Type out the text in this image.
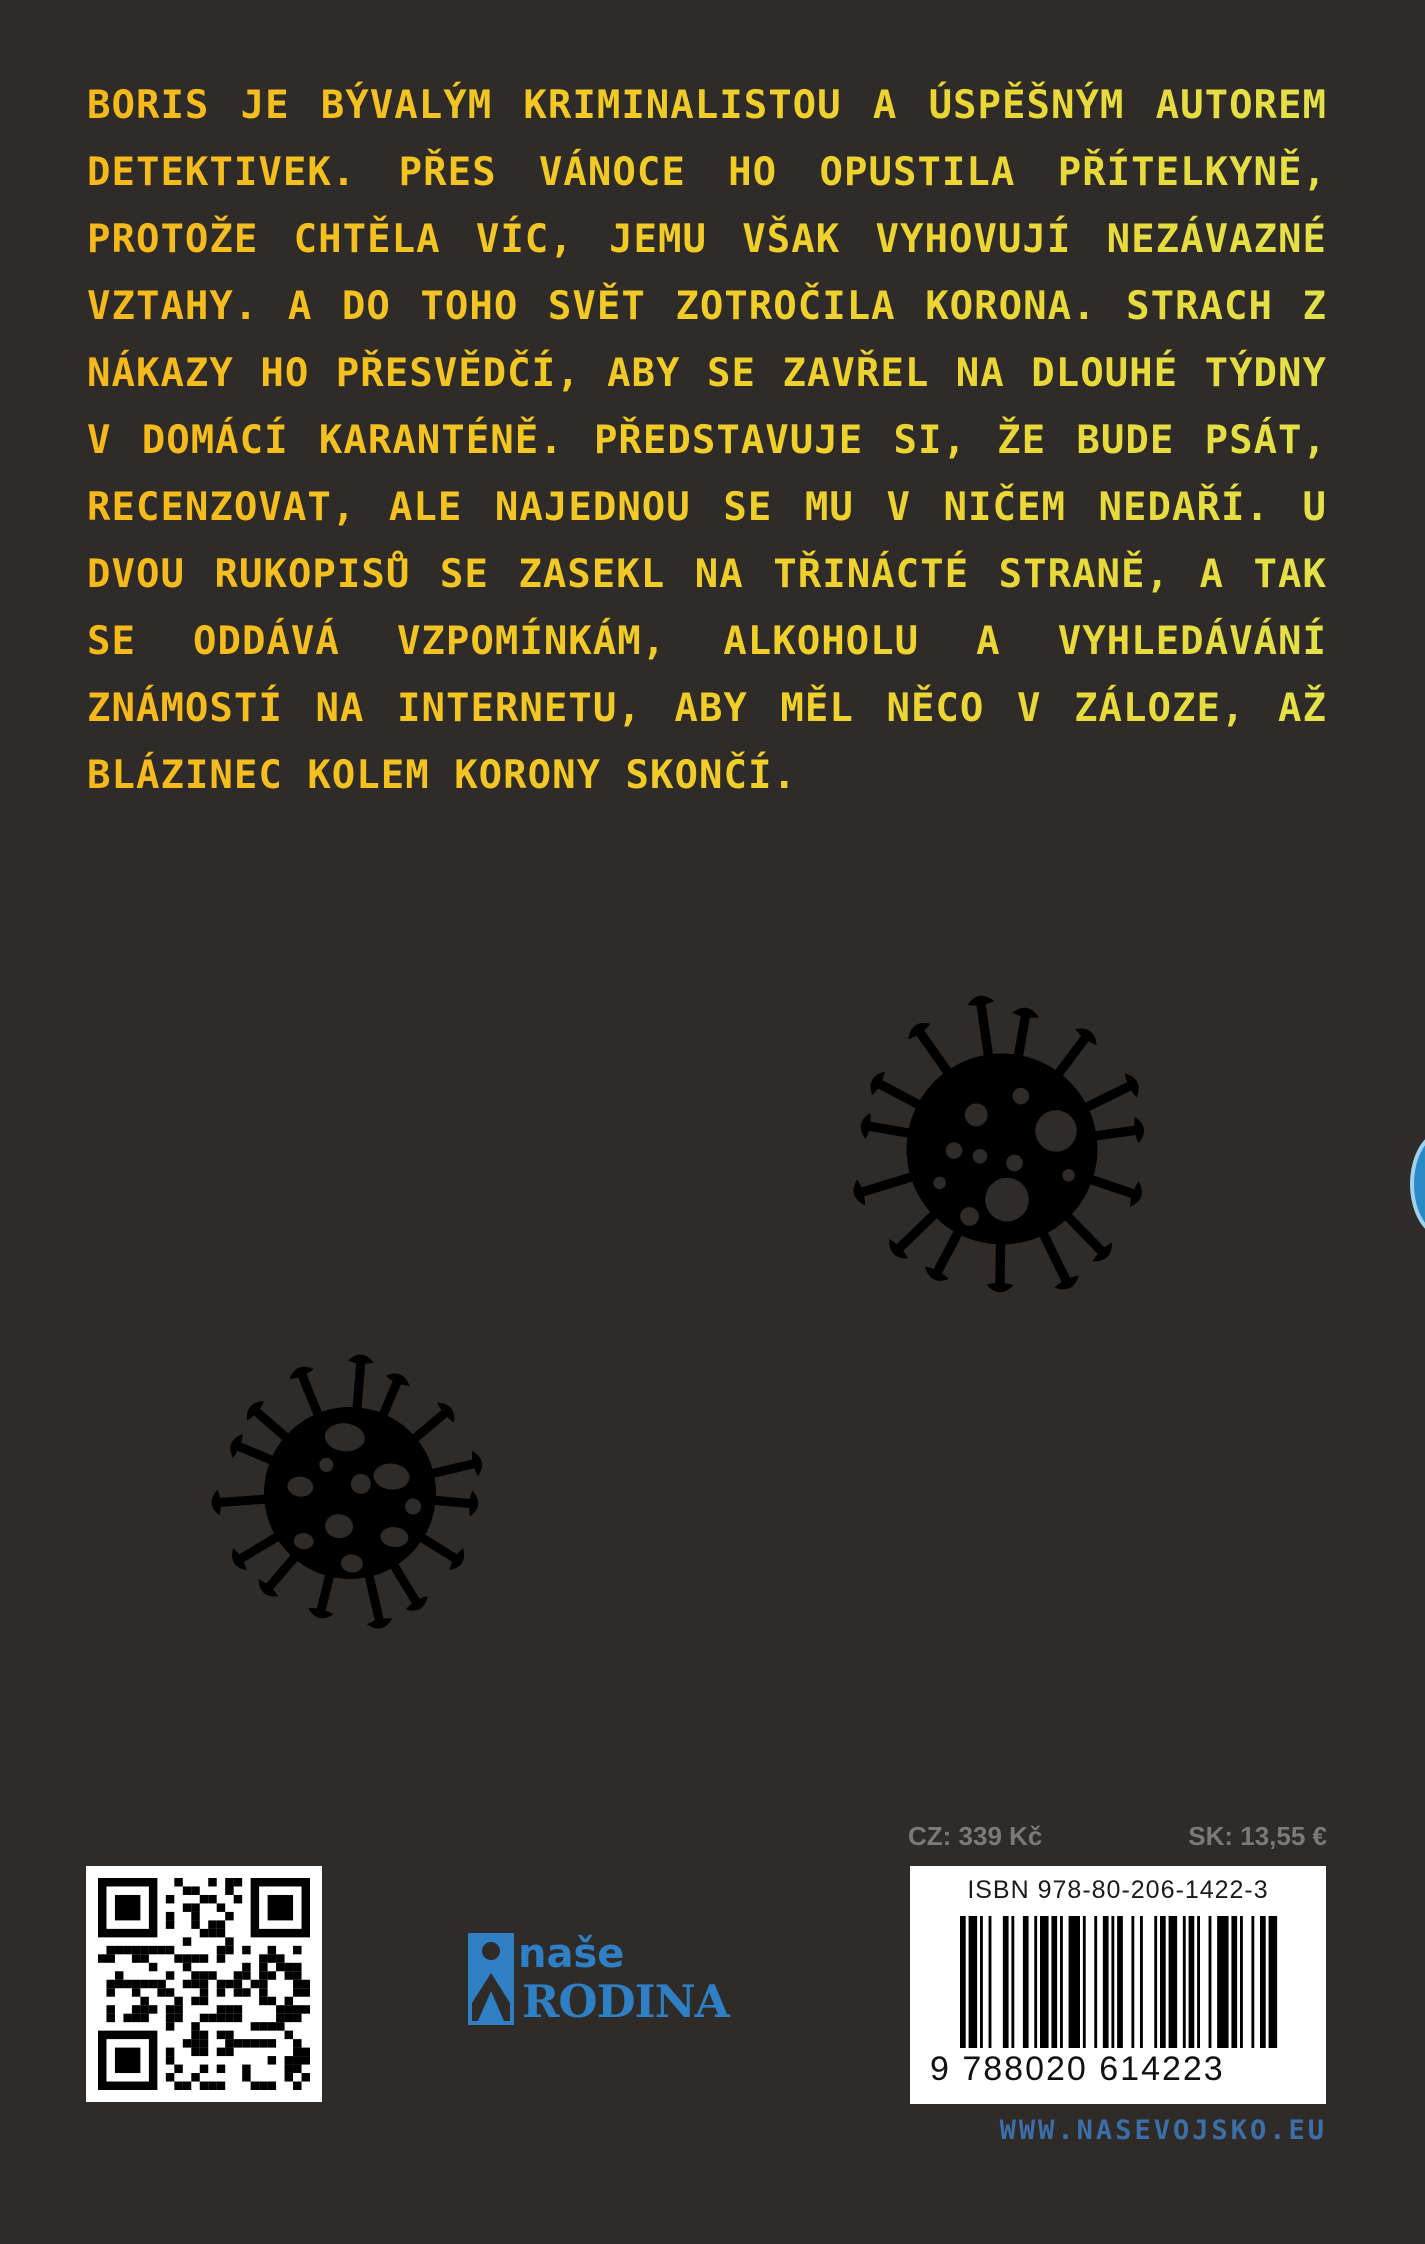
BORIS JE BÝVALÝM KRIMINALISTOU A ÚSPĚŠNÝM AUTOREM DETEKTIVEK. PŘES VÁNOCE HO OPUSTILA PŘÍTELKYNĚ, PROTOŽE CHTĚLA VÍC, JEMU VŠAK VYHOVUJÍ NEZÁVAZNÉ VZTAHY. A DO TOHO SVĚT ZOTROČILA KORONA. STRACH Z NÁKAZY HO PŘESVĚDČÍ, ABY SE ZAVŘEL NA DLOUHÉ TÝDNY V DOMÁCÍ KARANTÉNĚ. PŘEDSTAVUJE SI, ŽE BUDE PSÁT, RECENZOVAT, ALE NAJEDNOU SE MU V NIČEM NEDAŘÍ. U DVOU RUKOPISŮ SE ZASEKL NA TŘINÁCTÉ STRANĚ, A TAK SE ODDÁVÁ VZPOMÍNKÁM, ALKOHOLU A VYHLEDÁVÁNÍ ZNÁMOSTÍ NA INTERNETU, ABY MĚL NĚCO V ZÁLOZE, AŽ BLÁZINEC KOLEM KORONY SKONČÍ.

naše
RODINA
CZ: 339 Kč	SK: 13,55 €
ISBN 978-80-206-1422-3
9 788020 614223
WWW.NASEVOJSKO.EU
